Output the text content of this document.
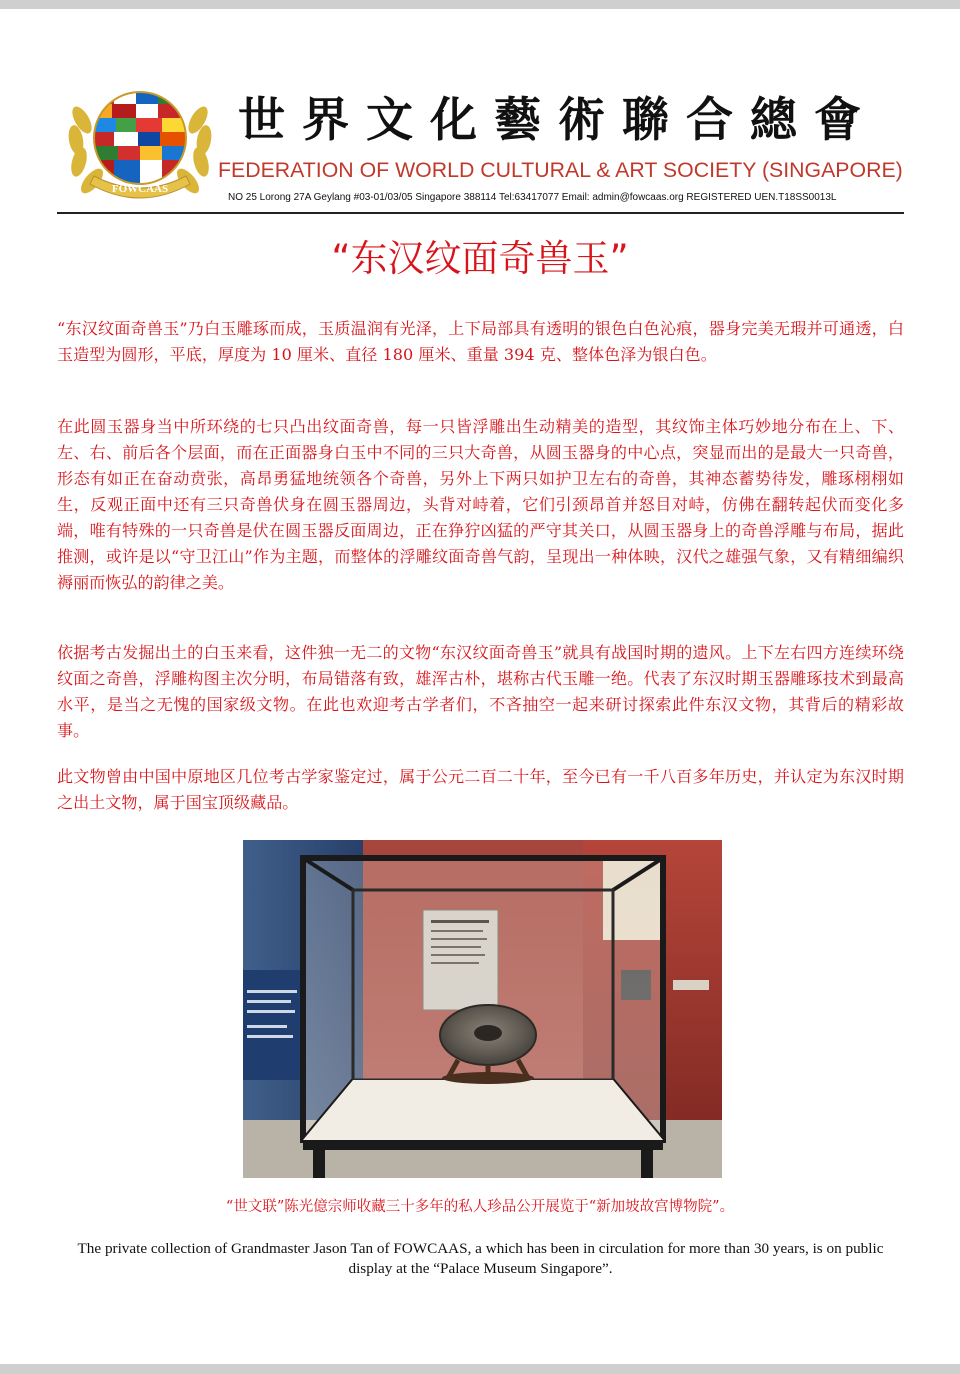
FOWCAAS
世界文化藝術聯合總會
FEDERATION OF WORLD CULTURAL & ART SOCIETY (SINGAPORE)
NO 25 Lorong 27A Geylang #03-01/03/05 Singapore 388114 Tel:63417077 Email: admin@fowcaas.org REGISTERED UEN.T18SS0013L
“东汉纹面奇兽玉”

“东汉纹面奇兽玉”乃白玉雕琢而成，玉质温润有光泽，上下局部具有透明的银色白色沁痕，器身完美无瑕并可通透，白玉造型为圆形，平底，厚度为 10 厘米、直径 180 厘米、重量 394 克、整体色泽为银白色。

在此圆玉器身当中所环绕的七只凸出纹面奇兽，每一只皆浮雕出生动精美的造型，其纹饰主体巧妙地分布在上、下、左、右、前后各个层面，而在正面器身白玉中不同的三只大奇兽，从圆玉器身的中心点，突显而出的是最大一只奇兽，形态有如正在奋动贲张，高昂勇猛地统领各个奇兽，另外上下两只如护卫左右的奇兽，其神态蓄势待发，雕琢栩栩如生，反观正面中还有三只奇兽伏身在圆玉器周边，头背对峙着，它们引颈昂首并怒目对峙，仿佛在翻转起伏而变化多端，唯有特殊的一只奇兽是伏在圆玉器反面周边，正在狰狞凶猛的严守其关口，从圆玉器身上的奇兽浮雕与布局，据此推测，或许是以“守卫江山”作为主题，而整体的浮雕纹面奇兽气韵，呈现出一种体映，汉代之雄强气象，又有精细编织褥丽而恢弘的韵律之美。

依据考古发掘出土的白玉来看，这件独一无二的文物“东汉纹面奇兽玉”就具有战国时期的遗风。上下左右四方连续环绕纹面之奇兽，浮雕构图主次分明，布局错落有致，雄浑古朴，堪称古代玉雕一绝。代表了东汉时期玉器雕琢技术到最高水平，是当之无愧的国家级文物。在此也欢迎考古学者们，不吝抽空一起来研讨探索此件东汉文物，其背后的精彩故事。

此文物曾由中国中原地区几位考古学家鉴定过，属于公元二百二十年，至今已有一千八百多年历史，并认定为东汉时期之出土文物，属于国宝顶级藏品。

“世文联”陈光億宗师收藏三十多年的私人珍品公开展览于“新加坡故宫博物院”。
The private collection of Grandmaster Jason Tan of FOWCAAS, a which has been in circulation for more than 30 years, is on public display at the “Palace Museum Singapore”.
